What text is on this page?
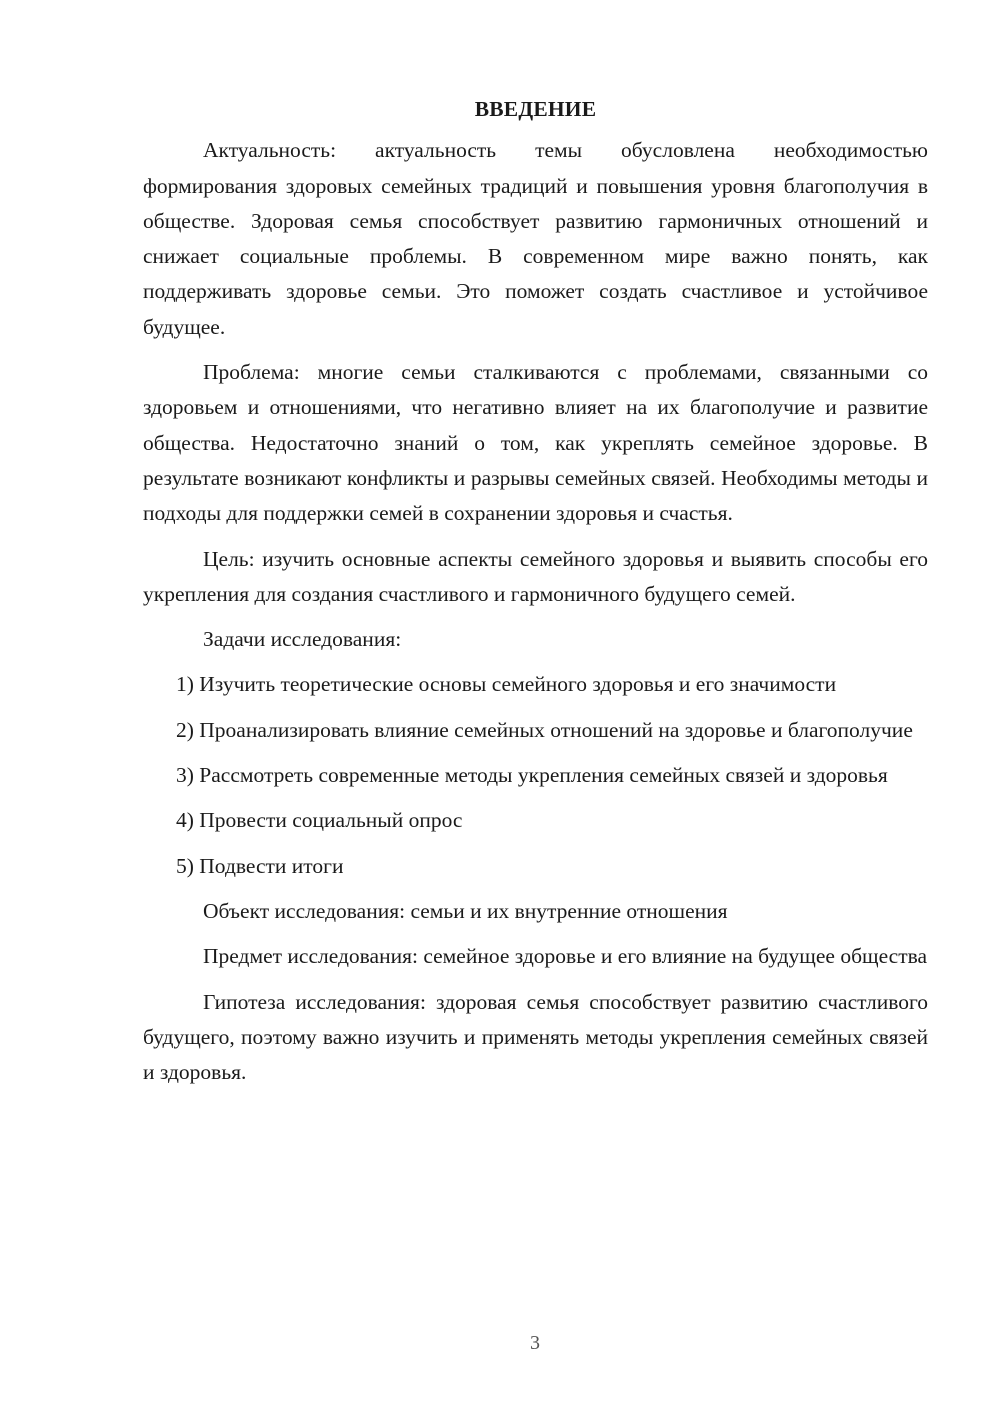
ВВЕДЕНИЕ

Актуальность: актуальность темы обусловлена необходимостью формирования здоровых семейных традиций и повышения уровня благополучия в обществе. Здоровая семья способствует развитию гармоничных отношений и снижает социальные проблемы. В современном мире важно понять, как поддерживать здоровье семьи. Это поможет создать счастливое и устойчивое будущее.

Проблема: многие семьи сталкиваются с проблемами, связанными со здоровьем и отношениями, что негативно влияет на их благополучие и развитие общества. Недостаточно знаний о том, как укреплять семейное здоровье. В результате возникают конфликты и разрывы семейных связей. Необходимы методы и подходы для поддержки семей в сохранении здоровья и счастья.

Цель: изучить основные аспекты семейного здоровья и выявить способы его укрепления для создания счастливого и гармоничного будущего семей.

Задачи исследования:

1) Изучить теоретические основы семейного здоровья и его значимости

2) Проанализировать влияние семейных отношений на здоровье и благополучие

3) Рассмотреть современные методы укрепления семейных связей и здоровья

4) Провести социальный опрос

5) Подвести итоги

Объект исследования: семьи и их внутренние отношения

Предмет исследования: семейное здоровье и его влияние на будущее общества

Гипотеза исследования: здоровая семья способствует развитию счастливого будущего, поэтому важно изучить и применять методы укрепления семейных связей и здоровья.

3
